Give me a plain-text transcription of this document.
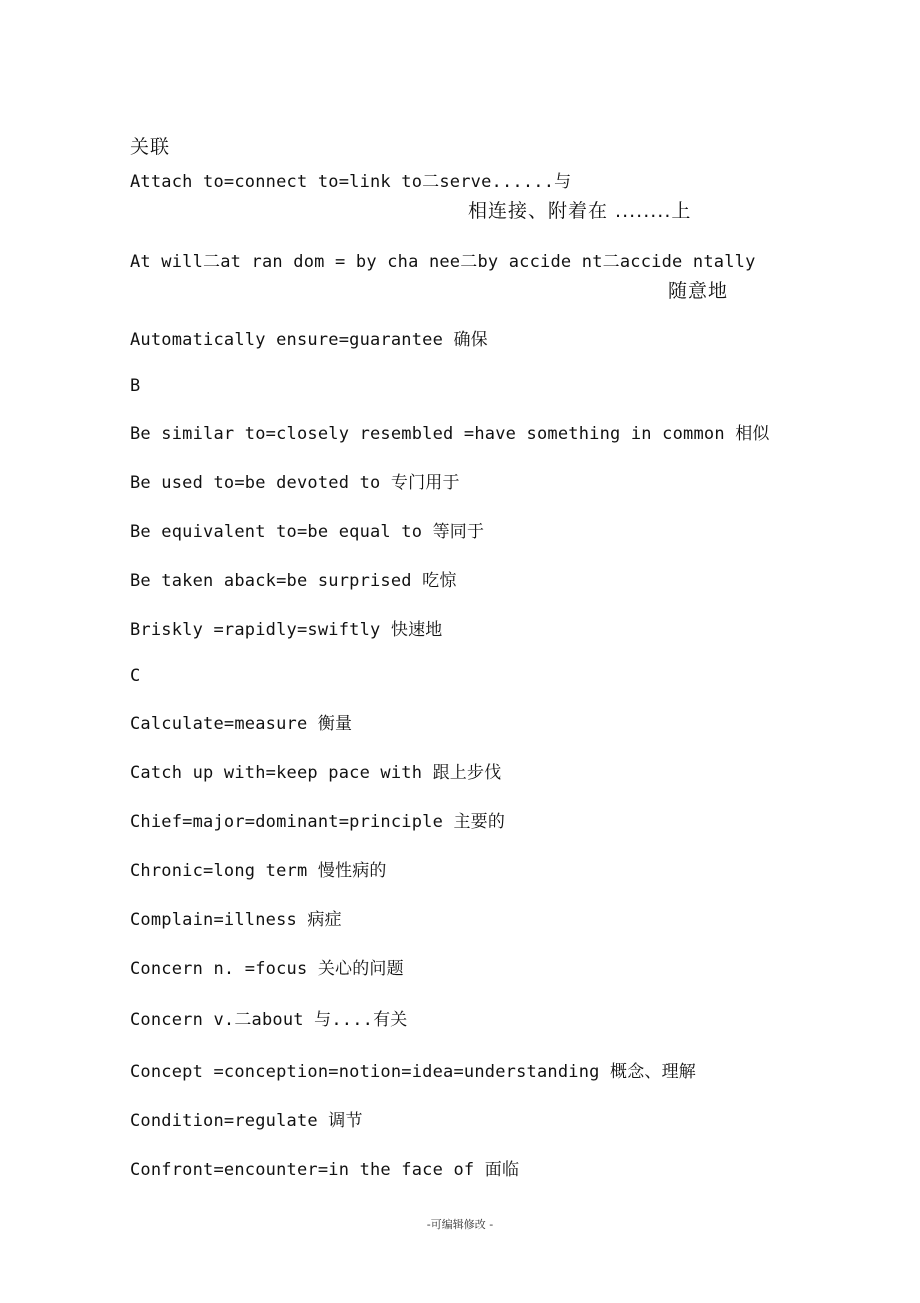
关联
Attach to=connect to=link to二serve......与
相连接、附着在 ........上
At will二at ran dom = by cha nee二by accide nt二accide ntally
随意地
Automatically ensure=guarantee 确保
B
Be similar to=closely resembled =have something in common 相似
Be used to=be devoted to 专门用于
Be equivalent to=be equal to 等同于
Be taken aback=be surprised 吃惊
Briskly =rapidly=swiftly 快速地
C
Calculate=measure 衡量
Catch up with=keep pace with 跟上步伐
Chief=major=dominant=principle 主要的
Chronic=long term 慢性病的
Complain=illness 病症
Concern n. =focus 关心的问题
Concern v.二about 与....有关
Concept =conception=notion=idea=understanding 概念、理解
Condition=regulate 调节
Confront=encounter=in the face of 面临
-可编辑修改 -
